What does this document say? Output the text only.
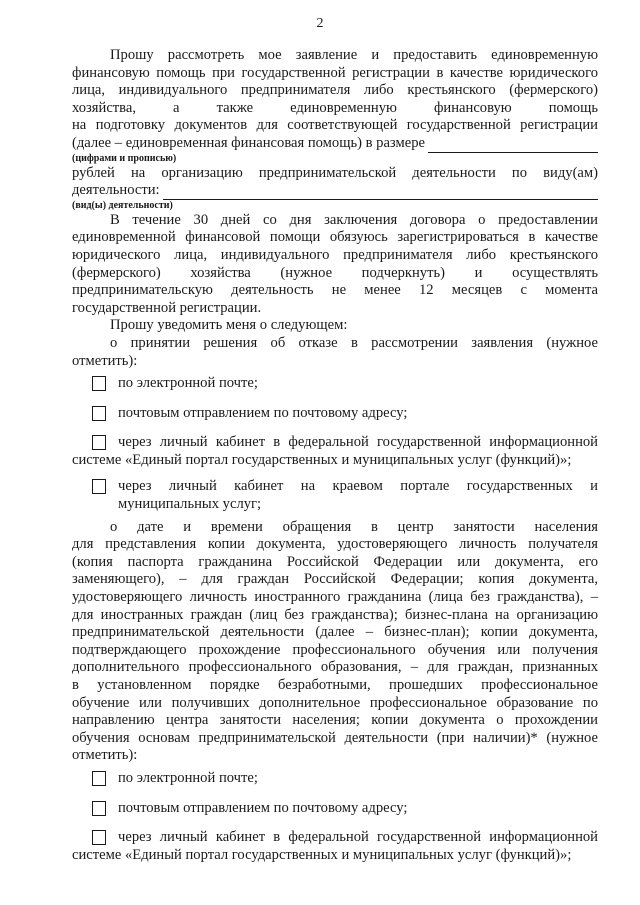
2
Прошу рассмотреть мое заявление и предоставить единовременную
финансовую помощь при государственной регистрации в качестве юридического
лица, индивидуального предпринимателя либо крестьянского (фермерского)
хозяйства, а также единовременную финансовую помощь
на подготовку документов для соответствующей государственной регистрации
(далее – единовременная финансовая помощь) в размере
(цифрами и прописью)
рублей на организацию предпринимательской деятельности по виду(ам)
деятельности:
(вид(ы) деятельности)
В течение 30 дней со дня заключения договора о предоставлении
единовременной финансовой помощи обязуюсь зарегистрироваться в качестве
юридического лица, индивидуального предпринимателя либо крестьянского
(фермерского) хозяйства (нужное подчеркнуть) и осуществлять
предпринимательскую деятельность не менее 12 месяцев с момента
государственной регистрации.
Прошу уведомить меня о следующем:
о принятии решения об отказе в рассмотрении заявления (нужное
отметить):
по электронной почте;
почтовым отправлением по почтовому адресу;
через личный кабинет в федеральной государственной информационной
системе «Единый портал государственных и муниципальных услуг (функций)»;
через личный кабинет на краевом портале государственных и
муниципальных услуг;
о дате и времени обращения в центр занятости населения
для представления копии документа, удостоверяющего личность получателя
(копия паспорта гражданина Российской Федерации или документа, его
заменяющего), – для граждан Российской Федерации; копия документа,
удостоверяющего личность иностранного гражданина (лица без гражданства), –
для иностранных граждан (лиц без гражданства); бизнес-плана на организацию
предпринимательской деятельности (далее – бизнес-план); копии документа,
подтверждающего прохождение профессионального обучения или получения
дополнительного профессионального образования, – для граждан, признанных
в установленном порядке безработными, прошедших профессиональное
обучение или получивших дополнительное профессиональное образование по
направлению центра занятости населения; копии документа о прохождении
обучения основам предпринимательской деятельности (при наличии)* (нужное
отметить):
по электронной почте;
почтовым отправлением по почтовому адресу;
через личный кабинет в федеральной государственной информационной
системе «Единый портал государственных и муниципальных услуг (функций)»;
